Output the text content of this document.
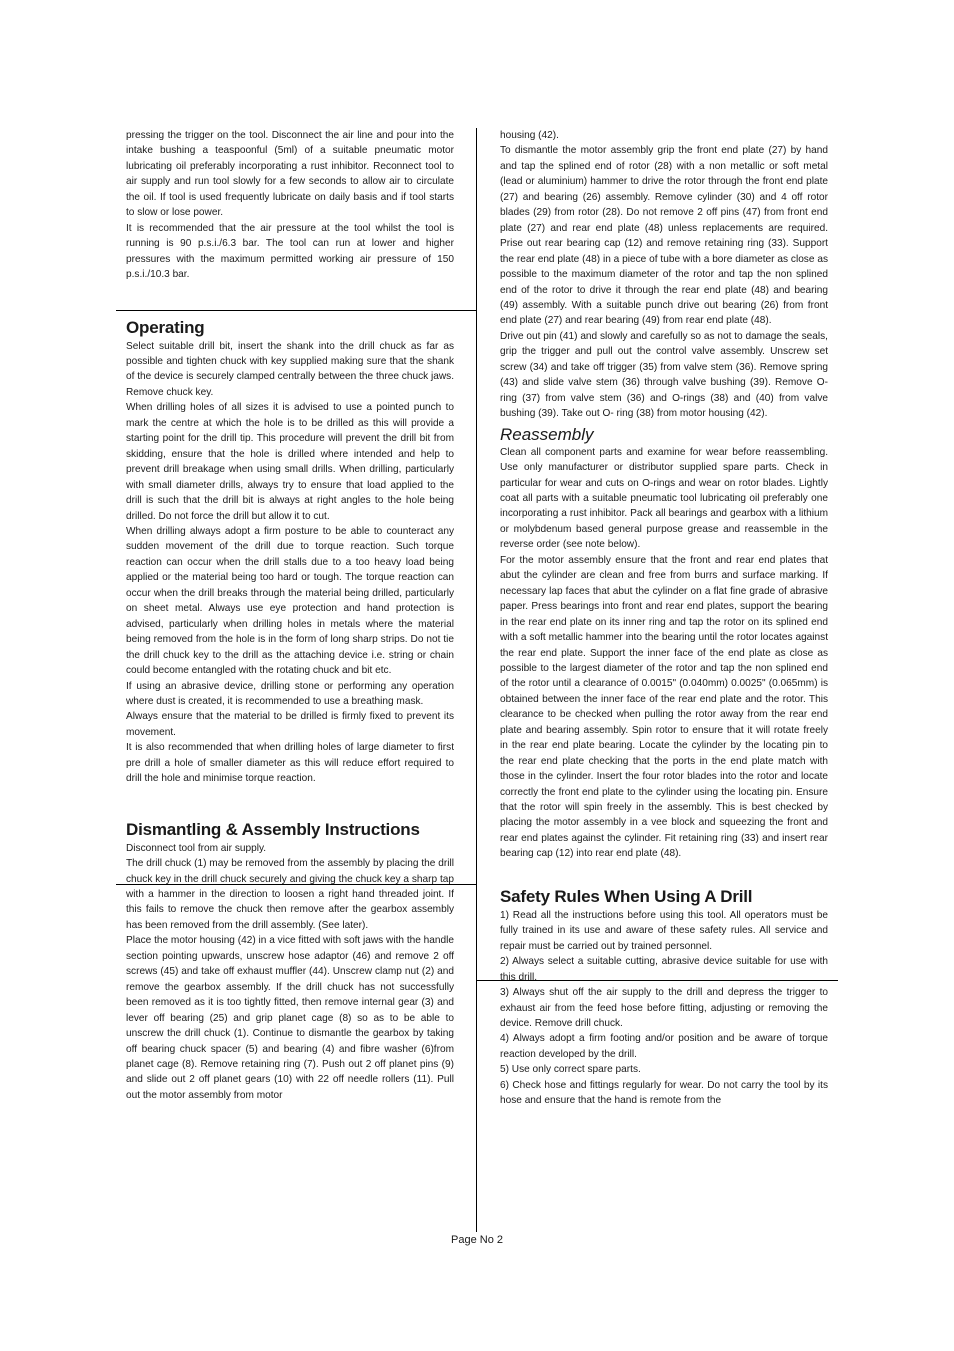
pressing the trigger on the tool. Disconnect the air line and pour into the intake bushing a teaspoonful (5ml) of a suitable pneumatic motor lubricating oil preferably incorporating a rust inhibitor. Reconnect tool to air supply and run tool slowly for a few seconds to allow air to circulate the oil. If tool is used frequently lubricate on daily basis and if tool starts to slow or lose power.

It is recommended that the air pressure at the tool whilst the tool is running is 90 p.s.i./6.3 bar. The tool can run at lower and higher pressures with the maximum permitted working air pressure of 150 p.s.i./10.3 bar.

Operating

Select suitable drill bit, insert the shank into the drill chuck as far as possible and tighten chuck with key supplied making sure that the shank of the device is securely clamped centrally between the three chuck jaws. Remove chuck key.

When drilling holes of all sizes it is advised to use a pointed punch to mark the centre at which the hole is to be drilled as this will provide a starting point for the drill tip. This procedure will prevent the drill bit from skidding, ensure that the hole is drilled where intended and help to prevent drill breakage when using small drills. When drilling, particularly with small diameter drills, always try to ensure that load applied to the drill is such that the drill bit is always at right angles to the hole being drilled. Do not force the drill but allow it to cut.

When drilling always adopt a firm posture to be able to counteract any sudden movement of the drill due to torque reaction. Such torque reaction can occur when the drill stalls due to a too heavy load being applied or the material being too hard or tough. The torque reaction can occur when the drill breaks through the material being drilled, particularly on sheet metal. Always use eye protection and hand protection is advised, particularly when drilling holes in metals where the material being removed from the hole is in the form of long sharp strips. Do not tie the drill chuck key to the drill as the attaching device i.e. string or chain could become entangled with the rotating chuck and bit etc.

If using an abrasive device, drilling stone or performing any operation where dust is created, it is recommended to use a breathing mask.

Always ensure that the material to be drilled is firmly fixed to prevent its movement.

It is also recommended that when drilling holes of large diameter to first pre drill a hole of smaller diameter as this will reduce effort required to drill the hole and minimise torque reaction.

Dismantling & Assembly Instructions

Disconnect tool from air supply.

The drill chuck (1) may be removed from the assembly by placing the drill chuck key in the drill chuck securely and giving the chuck key a sharp tap with a hammer in the direction to loosen a right hand threaded joint. If this fails to remove the chuck then remove after the gearbox assembly has been removed from the drill assembly. (See later).

Place the motor housing (42) in a vice fitted with soft jaws with the handle section pointing upwards, unscrew hose adaptor (46) and remove 2 off screws (45) and take off exhaust muffler (44). Unscrew clamp nut (2) and remove the gearbox assembly. If the drill chuck has not successfully been removed as it is too tightly fitted, then remove internal gear (3) and lever off bearing (25) and grip planet cage (8) so as to be able to unscrew the drill chuck (1). Continue to dismantle the gearbox by taking off bearing chuck spacer (5) and bearing (4) and fibre washer (6)from planet cage (8). Remove retaining ring (7). Push out 2 off planet pins (9) and slide out 2 off planet gears (10) with 22 off needle rollers (11). Pull out the motor assembly from motor

housing (42).

To dismantle the motor assembly grip the front end plate (27) by hand and tap the splined end of rotor (28) with a non metallic or soft metal (lead or aluminium) hammer to drive the rotor through the front end plate (27) and bearing (26) assembly. Remove cylinder (30) and 4 off rotor blades (29) from rotor (28). Do not remove 2 off pins (47) from front end plate (27) and rear end plate (48) unless replacements are required. Prise out rear bearing cap (12) and remove retaining ring (33). Support the rear end plate (48) in a piece of tube with a bore diameter as close as possible to the maximum diameter of the rotor and tap the non splined end of the rotor to drive it through the rear end plate (48) and bearing (49) assembly. With a suitable punch drive out bearing (26) from front end plate (27) and rear bearing (49) from rear end plate (48).

Drive out pin (41) and slowly and carefully so as not to damage the seals, grip the trigger and pull out the control valve assembly. Unscrew set screw (34) and take off trigger (35) from valve stem (36). Remove spring (43) and slide valve stem (36) through valve bushing (39). Remove O-ring (37) from valve stem (36) and O-rings (38) and (40) from valve bushing (39). Take out O- ring (38) from motor housing (42).

Reassembly

Clean all component parts and examine for wear before reassembling. Use only manufacturer or distributor supplied spare parts. Check in particular for wear and cuts on O-rings and wear on rotor blades. Lightly coat all parts with a suitable pneumatic tool lubricating oil preferably one incorporating a rust inhibitor. Pack all bearings and gearbox with a lithium or molybdenum based general purpose grease and reassemble in the reverse order (see note below).

For the motor assembly ensure that the front and rear end plates that abut the cylinder are clean and free from burrs and surface marking. If necessary lap faces that abut the cylinder on a flat fine grade of abrasive paper. Press bearings into front and rear end plates, support the bearing in the rear end plate on its inner ring and tap the rotor on its splined end with a soft metallic hammer into the bearing until the rotor locates against the rear end plate. Support the inner face of the end plate as close as possible to the largest diameter of the rotor and tap the non splined end of the rotor until a clearance of 0.0015" (0.040mm) 0.0025" (0.065mm) is obtained between the inner face of the rear end plate and the rotor. This clearance to be checked when pulling the rotor away from the rear end plate and bearing assembly. Spin rotor to ensure that it will rotate freely in the rear end plate bearing. Locate the cylinder by the locating pin to the rear end plate checking that the ports in the end plate match with those in the cylinder. Insert the four rotor blades into the rotor and locate correctly the front end plate to the cylinder using the locating pin. Ensure that the rotor will spin freely in the assembly. This is best checked by placing the motor assembly in a vee block and squeezing the front and rear end plates against the cylinder. Fit retaining ring (33) and insert rear bearing cap (12) into rear end plate (48).

Safety Rules When Using A Drill

1) Read all the instructions before using this tool. All operators must be fully trained in its use and aware of these safety rules. All service and repair must be carried out by trained personnel.

2) Always select a suitable cutting, abrasive device suitable for use with this drill.

3) Always shut off the air supply to the drill and depress the trigger to exhaust air from the feed hose before fitting, adjusting or removing the device. Remove drill chuck.

4) Always adopt a firm footing and/or position and be aware of torque reaction developed by the drill.

5) Use only correct spare parts.

6) Check hose and fittings regularly for wear. Do not carry the tool by its hose and ensure that the hand is remote from the

Page No 2
